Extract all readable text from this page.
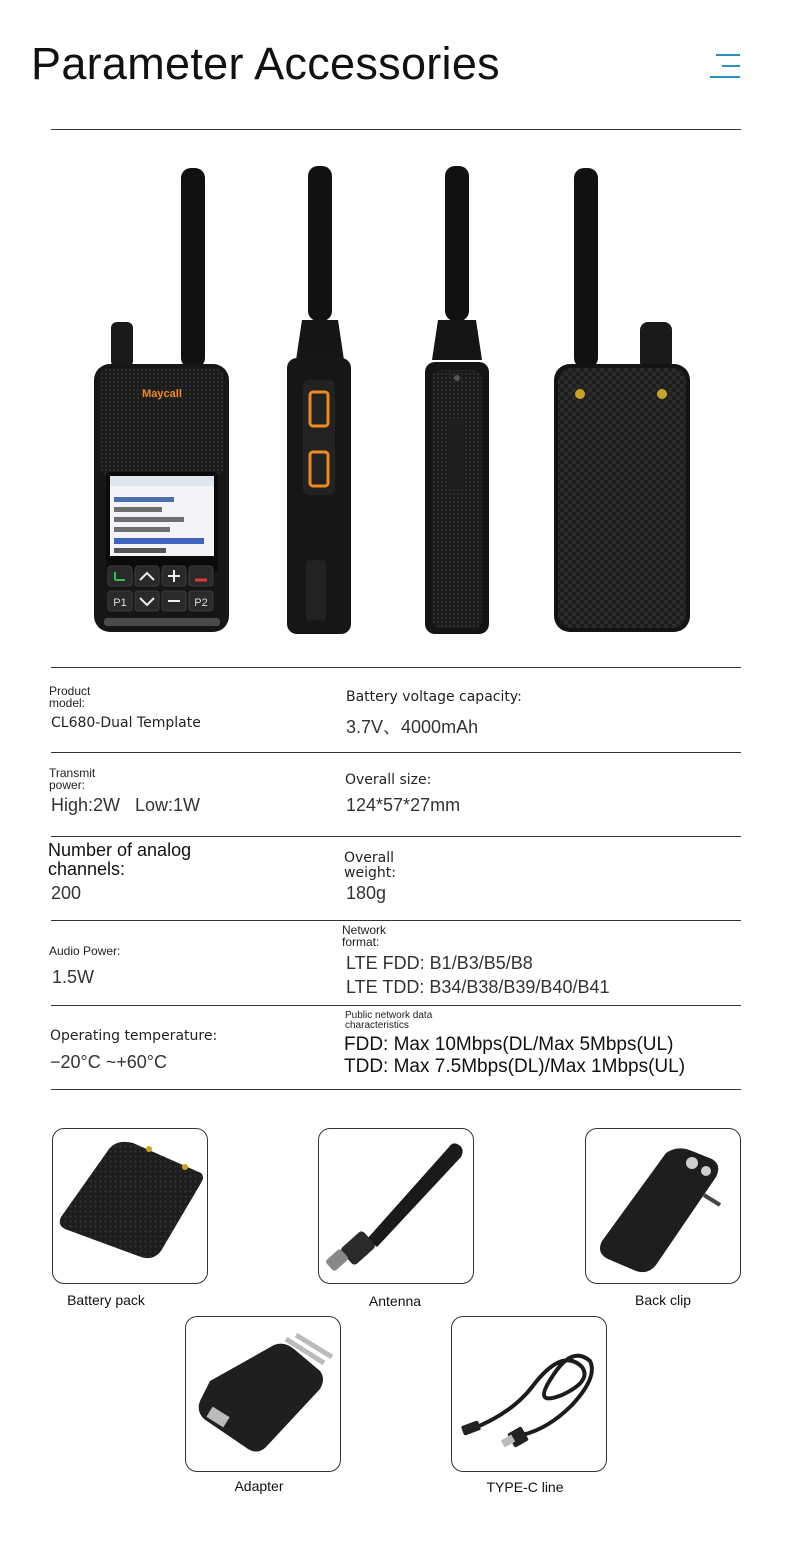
Parameter Accessories
Maycall
P1	P2
Product model:
CL680-Dual Template
Battery voltage capacity:
3.7V、4000mAh
Transmit power:
High:2W   Low:1W
Overall size:
124*57*27mm
Number of analog channels:
200
Overall weight:
180g
Audio Power:
1.5W
Network format:
LTE FDD: B1/B3/B5/B8
LTE TDD: B34/B38/B39/B40/B41
Operating temperature:
−20°C ~+60°C
Public network data characteristics
FDD: Max 10Mbps(DL/Max 5Mbps(UL)
TDD: Max 7.5Mbps(DL)/Max 1Mbps(UL)
Battery pack	Antenna	Back clip
Adapter	TYPE-C line
